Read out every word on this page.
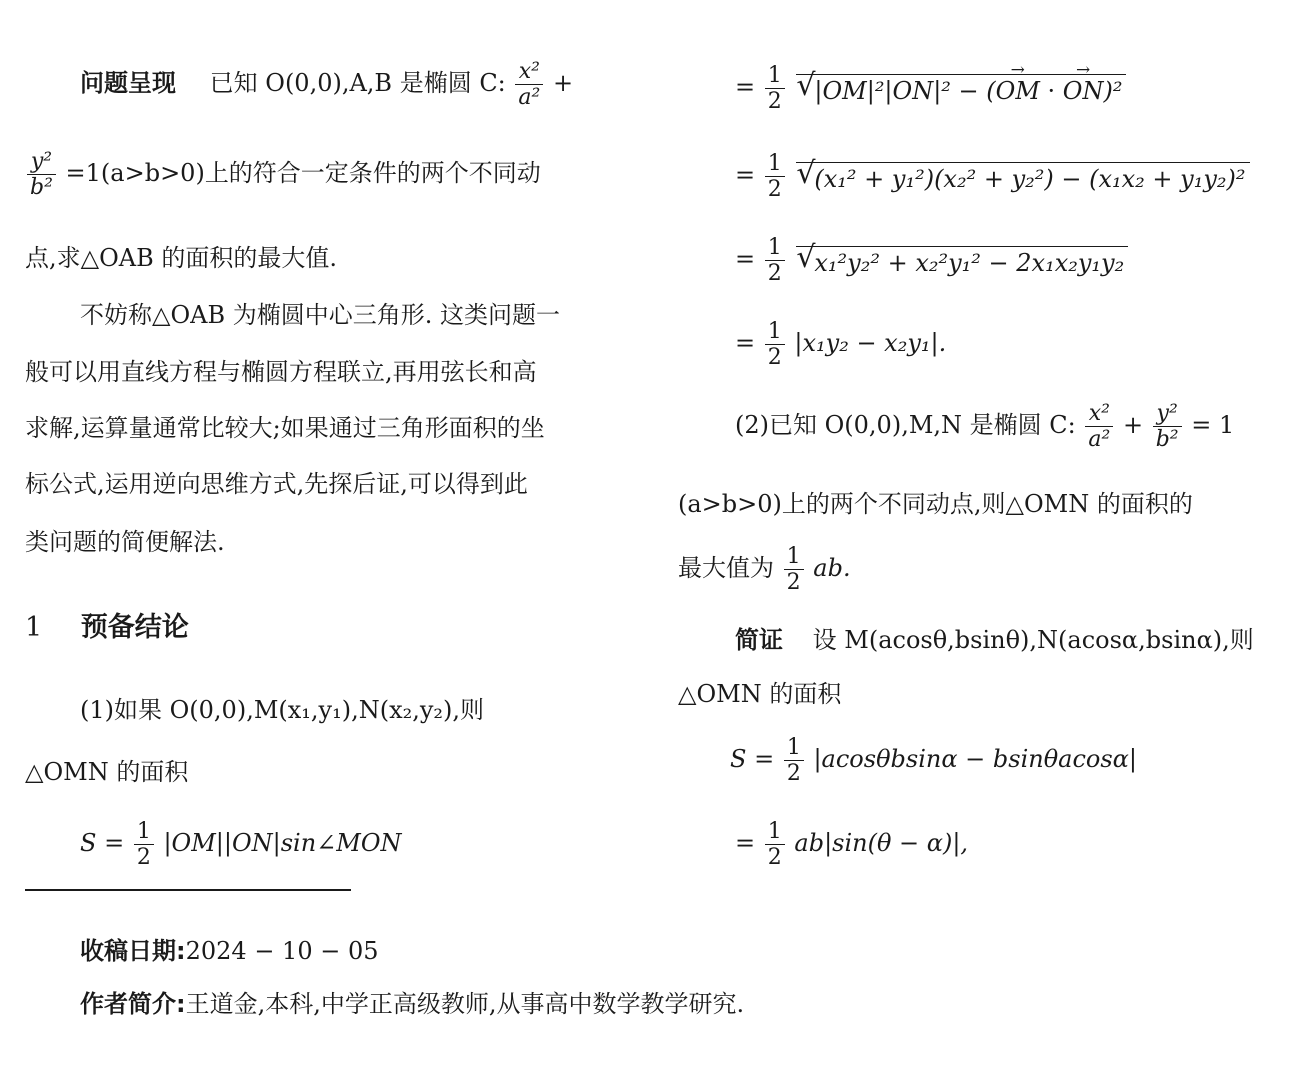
问题呈现 已知 O(0,0),A,B 是椭圆 C: $\frac{\text{x²}}{\text{a²}}$ +
$\frac{\text{y²}}{\text{b²}} =1(a>b>0)$上的符合一定条件的两个不同动
点,求△OAB 的面积的最大值.
不妨称△OAB 为椭圆中心三角形. 这类问题一
般可以用直线方程与椭圆方程联立,再用弦长和高
求解,运算量通常比较大;如果通过三角形面积的坐
标公式,运用逆向思维方式,先探后证,可以得到此
类问题的简便解法.
1 预备结论
(1)如果 O(0,0),M(x₁,y₁),N(x₂,y₂),则
△OMN 的面积
$S = \frac{1}{2}$ |OM||ON|sin∠MON
= $\frac{1}{2}$ √ |OM|²|ON|² − (→ OM · → ON)²
= $\frac{1}{2}$ √ (x₁² + y₁²)(x₂² + y₂²) − (x₁x₂ + y₁y₂)²
= $\frac{1}{2}$ √ x₁²y₂² + x₂²y₁² − 2x₁x₂y₁y₂
= $\frac{1}{2} |x_1y_2 - x_2y_1|$.
(2)已知 O(0,0),M,N 是椭圆 C: $\frac{\text{x²}}{\text{a²}} + \frac{\text{y²}}{\text{b²}} = 1$
(a>b>0)上的两个不同动点,则△OMN 的面积的
最大值为 $\frac{1}{2}$ ab.
简证 设 M(acosθ,bsinθ),N(acosα,bsinα),则
△OMN 的面积
$S = \frac{1}{2} |acos\theta bsin\alpha - bsin\theta acos\alpha|$
= $\frac{1}{2} ab|\sin(\theta - \alpha)|$,
收稿日期:2024 − 10 − 05
作者简介:王道金,本科,中学正高级教师,从事高中数学教学研究.
